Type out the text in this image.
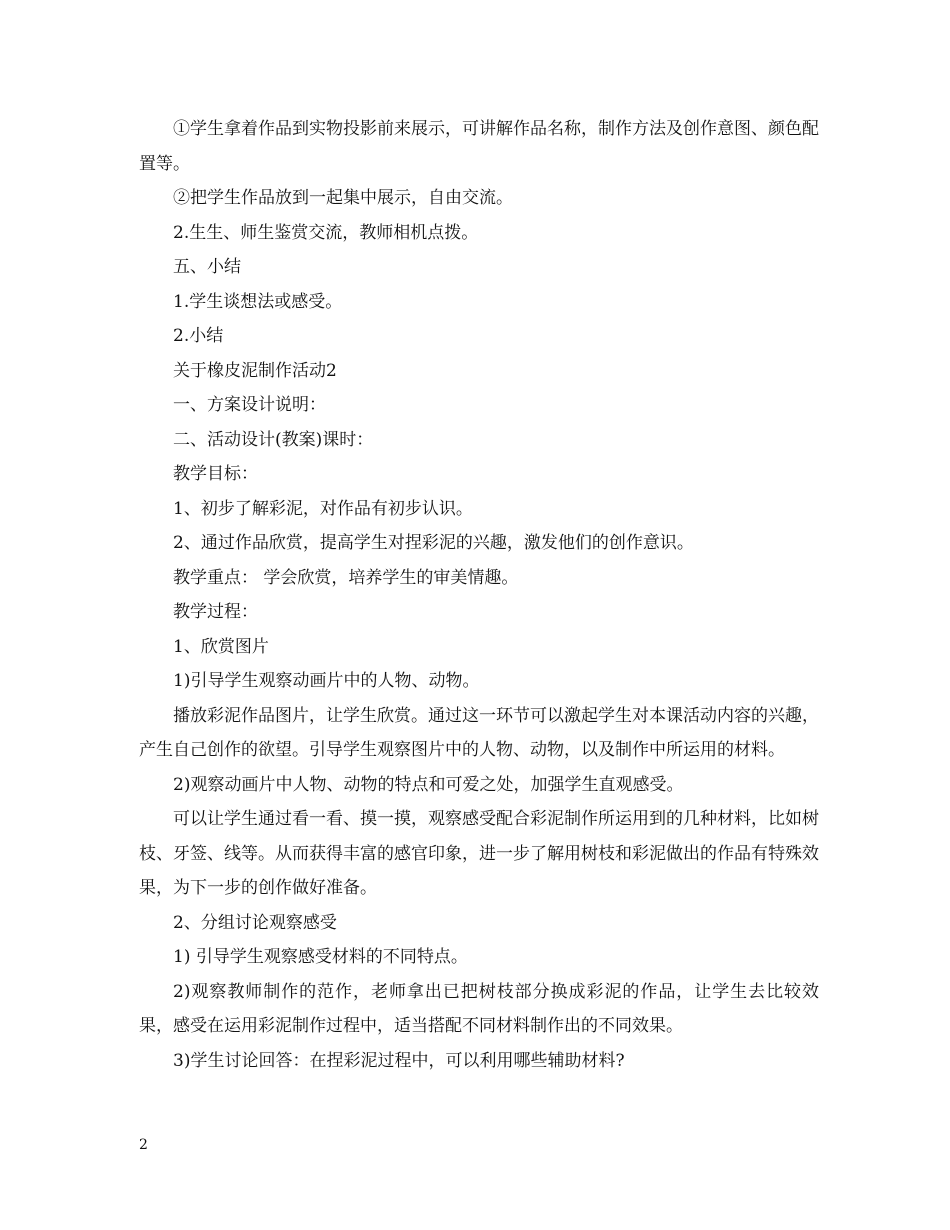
①学生拿着作品到实物投影前来展示，可讲解作品名称，制作方法及创作意图、颜色配置等。

②把学生作品放到一起集中展示，自由交流。

2.生生、师生鉴赏交流，教师相机点拨。

五、小结

1.学生谈想法或感受。

2.小结

关于橡皮泥制作活动2

一、方案设计说明：

二、活动设计(教案)课时：

教学目标：

1、初步了解彩泥，对作品有初步认识。

2、通过作品欣赏，提高学生对捏彩泥的兴趣，激发他们的创作意识。

教学重点： 学会欣赏，培养学生的审美情趣。

教学过程：

1、欣赏图片

1)引导学生观察动画片中的人物、动物。

播放彩泥作品图片，让学生欣赏。通过这一环节可以激起学生对本课活动内容的兴趣，产生自己创作的欲望。引导学生观察图片中的人物、动物，以及制作中所运用的材料。

2)观察动画片中人物、动物的特点和可爱之处，加强学生直观感受。

可以让学生通过看一看、摸一摸，观察感受配合彩泥制作所运用到的几种材料，比如树枝、牙签、线等。从而获得丰富的感官印象，进一步了解用树枝和彩泥做出的作品有特殊效果，为下一步的创作做好准备。

2、分组讨论观察感受

1) 引导学生观察感受材料的不同特点。

2)观察教师制作的范作，老师拿出已把树枝部分换成彩泥的作品，让学生去比较效果，感受在运用彩泥制作过程中，适当搭配不同材料制作出的不同效果。

3)学生讨论回答：在捏彩泥过程中，可以利用哪些辅助材料?

2
